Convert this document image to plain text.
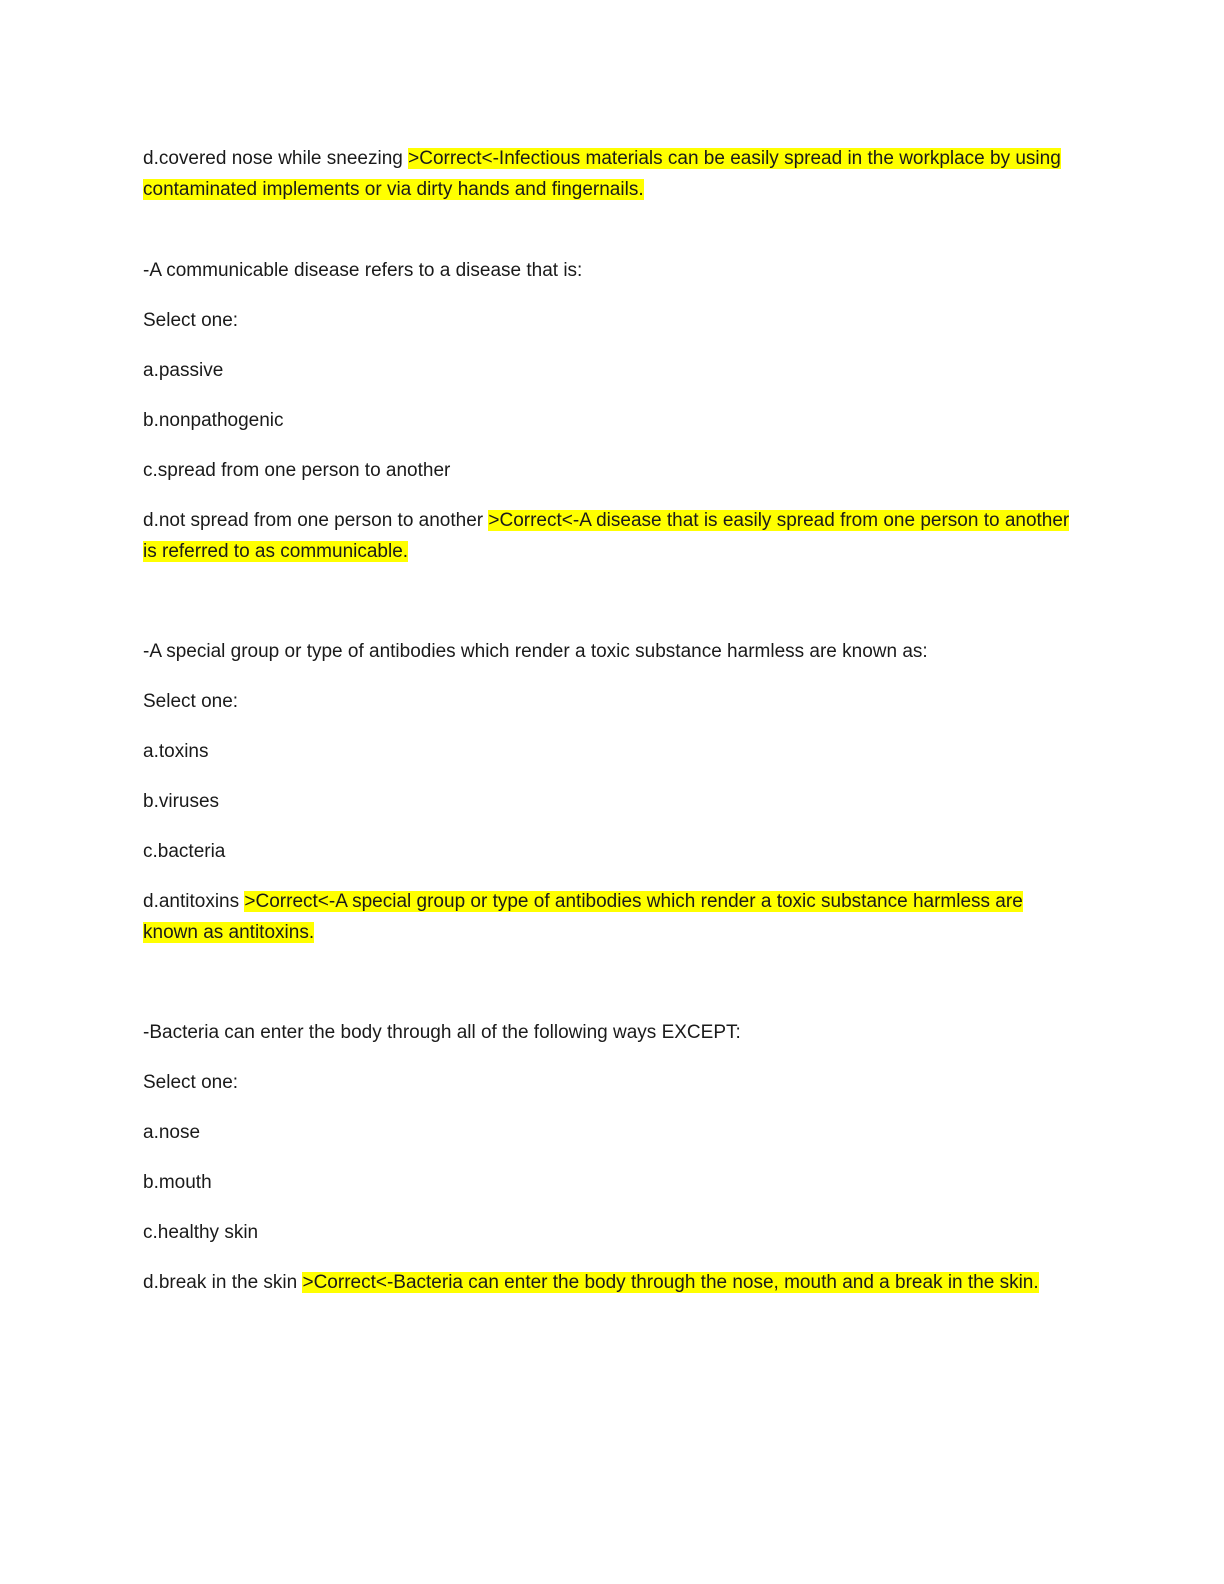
d.covered nose while sneezing >Correct<-Infectious materials can be easily spread in the workplace by using contaminated implements or via dirty hands and fingernails.

-A communicable disease refers to a disease that is:

Select one:

a.passive

b.nonpathogenic

c.spread from one person to another

d.not spread from one person to another >Correct<-A disease that is easily spread from one person to another is referred to as communicable.

-A special group or type of antibodies which render a toxic substance harmless are known as:

Select one:

a.toxins

b.viruses

c.bacteria

d.antitoxins >Correct<-A special group or type of antibodies which render a toxic substance harmless are known as antitoxins.

-Bacteria can enter the body through all of the following ways EXCEPT:

Select one:

a.nose

b.mouth

c.healthy skin

d.break in the skin >Correct<-Bacteria can enter the body through the nose, mouth and a break in the skin.
